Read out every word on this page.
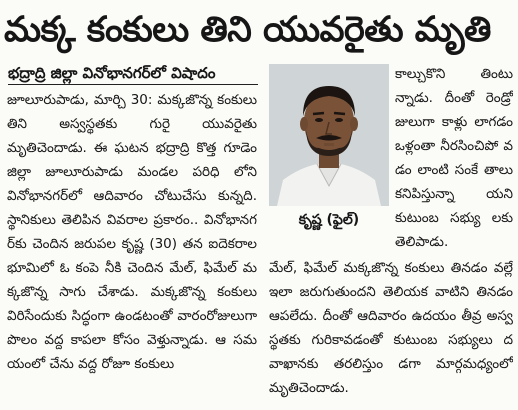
మక్క కంకులు తిని యువరైతు మృతి
భద్రాద్రి జిల్లా వినోభానగర్‌లో విషాదం
జూలూరుపాడు, మార్చి 30: మక్కజొన్న కంకులు తిని అస్వస్థతకు గురై యువరైతు మృతిచెందాడు. ఈ ఘటన భద్రాద్రి కొత్త గూడెం జిల్లా జూలూరుపాడు మండల పరిధి లోని వినోభానగర్‌లో ఆదివారం చోటుచేసు కున్నది. స్థానికులు తెలిపిన వివరాల ప్రకారం.. వినోభానగర్‌కు చెందిన జరుపల కృష్ణ (30) తన ఐదెకరాల భూమిలో ఓ కంపె నీకి చెందిన మేల్‌, ఫిమేల్‌ మక్కజొన్న సాగు చేశాడు. మక్కజొన్న కంకులు విరిసేందుకు సిద్ధంగా ఉండటంతో వారంరోజులుగా పొలం వద్ద కాపలా కోసం వెళ్తున్నాడు. ఆ సమయంలో చేను వద్ద రోజూ కంకులు
కృష్ణ (ఫైల్‌)
కాల్చుకొని తింటు న్నాడు. దీంతో రెండ్రో జులుగా కాళ్లు లాగడం ఒళ్లంతా నీరసించిపో వడం లాంటి సంకే తాలు కనిపిస్తున్నా యని కుటుంబ సభ్యు లకు తెలిపాడు.
మేల్‌, ఫిమేల్‌ మక్కజొన్న కంకులు తినడం వల్లే ఇలా జరుగుతుందని తెలియక వాటిని తినడం ఆపలేదు. దీంతో ఆదివారం ఉదయం తీవ్ర అస్వస్థతకు గురికావడంతో కుటుంబ సభ్యులు దవాఖానకు తరలిస్తుం డగా మార్గమధ్యంలో మృతిచెందాడు.
